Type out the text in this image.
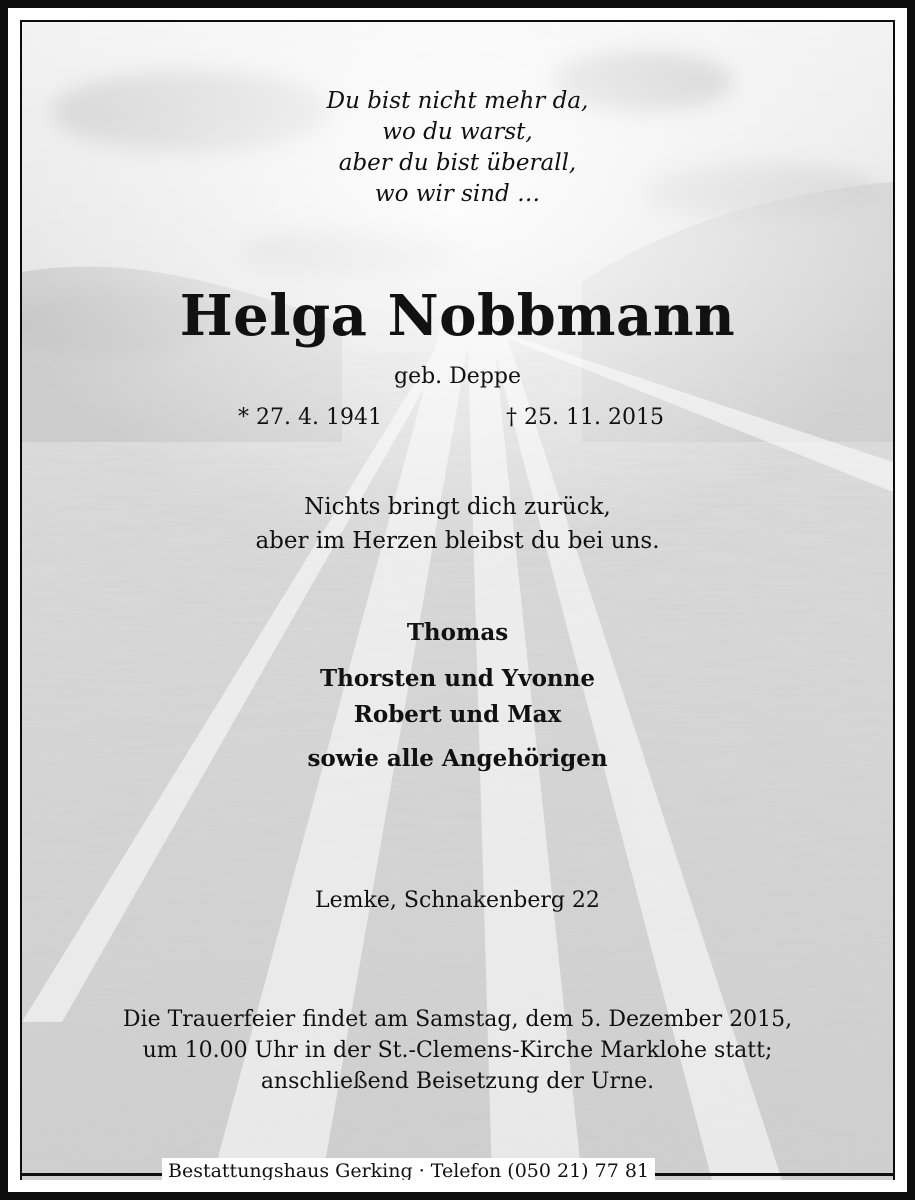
Du bist nicht mehr da,
wo du warst,
aber du bist überall,
wo wir sind …
Helga Nobbmann
geb. Deppe
* 27. 4. 1941	† 25. 11. 2015
Nichts bringt dich zurück,
aber im Herzen bleibst du bei uns.
Thomas
Thorsten und Yvonne
Robert und Max
sowie alle Angehörigen
Lemke, Schnakenberg 22
Die Trauerfeier findet am Samstag, dem 5. Dezember 2015,
um 10.00 Uhr in der St.-Clemens-Kirche Marklohe statt;
anschließend Beisetzung der Urne.
Bestattungshaus Gerking · Telefon (050 21) 77 81
